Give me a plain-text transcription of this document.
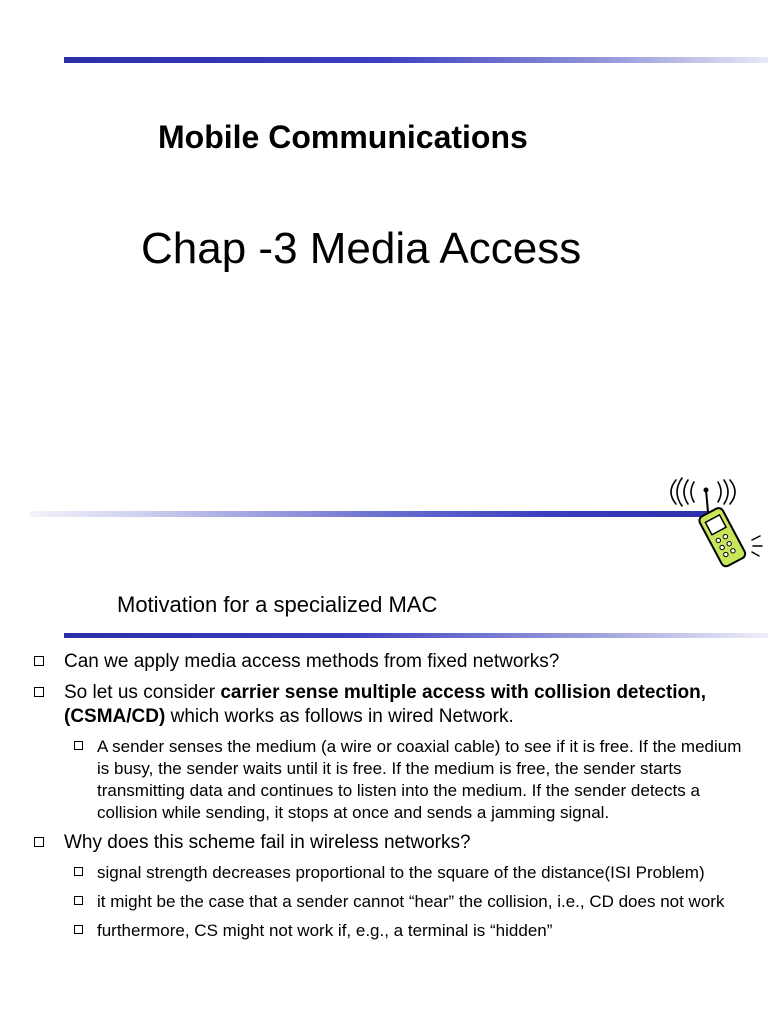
Mobile Communications
Chap -3 Media Access
Motivation for a specialized MAC
Can we apply media access methods from fixed networks?
So let us consider carrier sense multiple access with collision detection, (CSMA/CD) which works as follows in wired Network.
A sender senses the medium (a wire or coaxial cable) to see if it is free. If the medium is busy, the sender waits until it is free. If the medium is free, the sender starts transmitting data and continues to listen into the medium. If the sender detects a collision while sending, it stops at once and sends a jamming signal.
Why does this scheme fail in wireless networks?
signal strength decreases proportional to the square of the distance(ISI Problem)
it might be the case that a sender cannot “hear” the collision, i.e., CD does not work
furthermore, CS might not work if, e.g., a terminal is “hidden”
